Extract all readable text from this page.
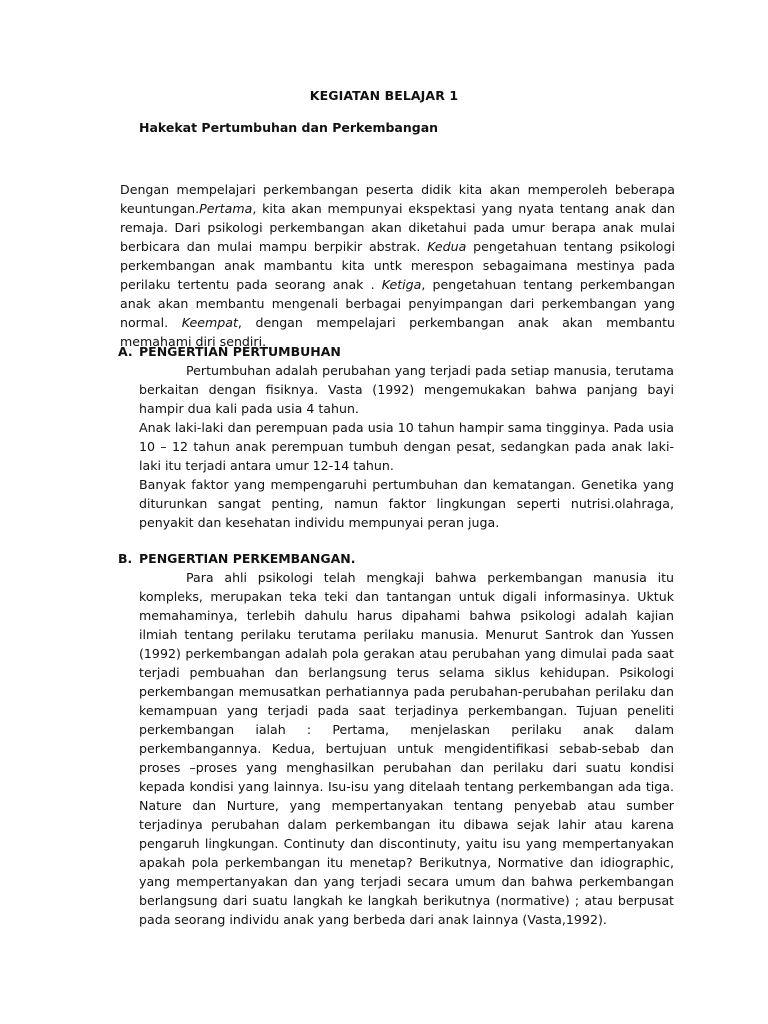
KEGIATAN BELAJAR 1
Hakekat Pertumbuhan dan Perkembangan

Dengan mempelajari perkembangan peserta didik kita akan memperoleh beberapa keuntungan.Pertama, kita akan mempunyai ekspektasi yang nyata tentang anak dan remaja. Dari psikologi perkembangan akan diketahui pada umur berapa anak mulai berbicara dan mulai mampu berpikir abstrak. Kedua pengetahuan tentang psikologi perkembangan anak mambantu kita untk merespon sebagaimana mestinya pada perilaku tertentu pada seorang anak . Ketiga, pengetahuan tentang perkembangan anak akan membantu mengenali berbagai penyimpangan dari perkembangan yang normal. Keempat, dengan mempelajari perkembangan anak akan membantu memahami diri sendiri.

A. PENGERTIAN PERTUMBUHAN

Pertumbuhan adalah perubahan yang terjadi pada setiap manusia, terutama berkaitan dengan fisiknya. Vasta (1992) mengemukakan bahwa panjang bayi hampir dua kali pada usia 4 tahun.

Anak laki-laki dan perempuan pada usia 10 tahun hampir sama tingginya. Pada usia 10 – 12 tahun anak perempuan tumbuh dengan pesat, sedangkan pada anak laki-laki itu terjadi antara umur 12-14 tahun.

Banyak faktor yang mempengaruhi pertumbuhan dan kematangan. Genetika yang diturunkan sangat penting, namun faktor lingkungan seperti nutrisi.olahraga, penyakit dan kesehatan individu mempunyai peran juga.

B. PENGERTIAN PERKEMBANGAN.

Para ahli psikologi telah mengkaji bahwa perkembangan manusia itu kompleks, merupakan teka teki dan tantangan untuk digali informasinya. Uktuk memahaminya, terlebih dahulu harus dipahami bahwa psikologi adalah kajian ilmiah tentang perilaku terutama perilaku manusia. Menurut Santrok dan Yussen (1992) perkembangan adalah pola gerakan atau perubahan yang dimulai pada saat terjadi pembuahan dan berlangsung terus selama siklus kehidupan. Psikologi perkembangan memusatkan perhatiannya pada perubahan-perubahan perilaku dan kemampuan yang terjadi pada saat terjadinya perkembangan. Tujuan peneliti perkembangan ialah : Pertama, menjelaskan perilaku anak dalam perkembangannya. Kedua, bertujuan untuk mengidentifikasi sebab-sebab dan proses –proses yang menghasilkan perubahan dan perilaku dari suatu kondisi kepada kondisi yang lainnya. Isu-isu yang ditelaah tentang perkembangan ada tiga. Nature dan Nurture, yang mempertanyakan tentang penyebab atau sumber terjadinya perubahan dalam perkembangan itu dibawa sejak lahir atau karena pengaruh lingkungan. Continuty dan discontinuty, yaitu isu yang mempertanyakan apakah pola perkembangan itu menetap? Berikutnya, Normative dan idiographic, yang mempertanyakan dan yang terjadi secara umum dan bahwa perkembangan berlangsung dari suatu langkah ke langkah berikutnya (normative) ; atau berpusat pada seorang individu anak yang berbeda dari anak lainnya (Vasta,1992).
